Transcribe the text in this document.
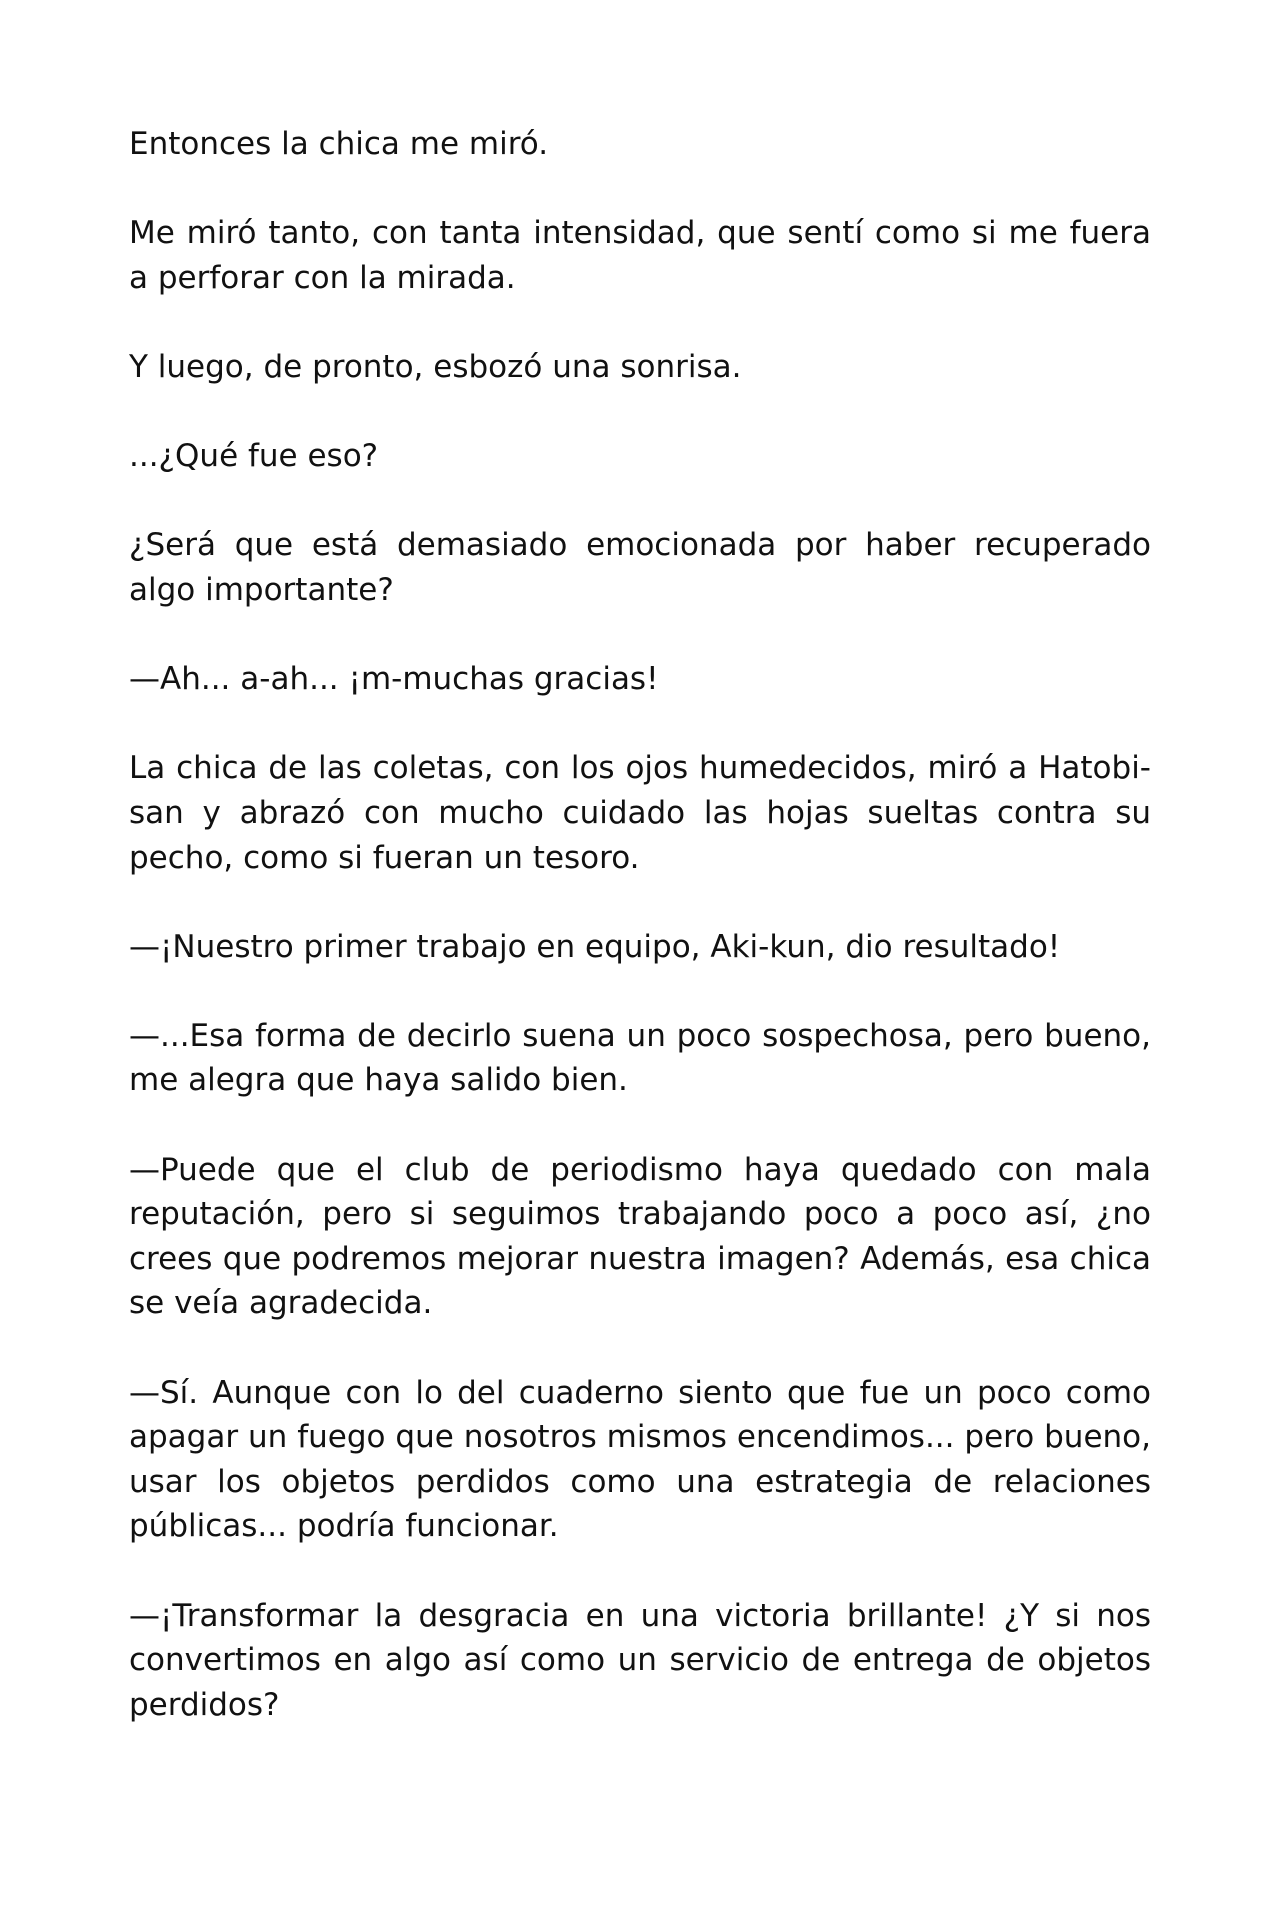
Entonces la chica me miró.

Me miró tanto, con tanta intensidad, que sentí como si me fuera a perforar con la mirada.

Y luego, de pronto, esbozó una sonrisa.

...¿Qué fue eso?

¿Será que está demasiado emocionada por haber recuperado algo importante?

—Ah... a-ah... ¡m-muchas gracias!

La chica de las coletas, con los ojos humedecidos, miró a Hatobi-san y abrazó con mucho cuidado las hojas sueltas contra su pecho, como si fueran un tesoro.

—¡Nuestro primer trabajo en equipo, Aki-kun, dio resultado!

—...Esa forma de decirlo suena un poco sospechosa, pero bueno, me alegra que haya salido bien.

—Puede que el club de periodismo haya quedado con mala reputación, pero si seguimos trabajando poco a poco así, ¿no crees que podremos mejorar nuestra imagen? Además, esa chica se veía agradecida.

—Sí. Aunque con lo del cuaderno siento que fue un poco como apagar un fuego que nosotros mismos encendimos... pero bueno, usar los objetos perdidos como una estrategia de relaciones públicas... podría funcionar.

—¡Transformar la desgracia en una victoria brillante! ¿Y si nos convertimos en algo así como un servicio de entrega de objetos perdidos?
